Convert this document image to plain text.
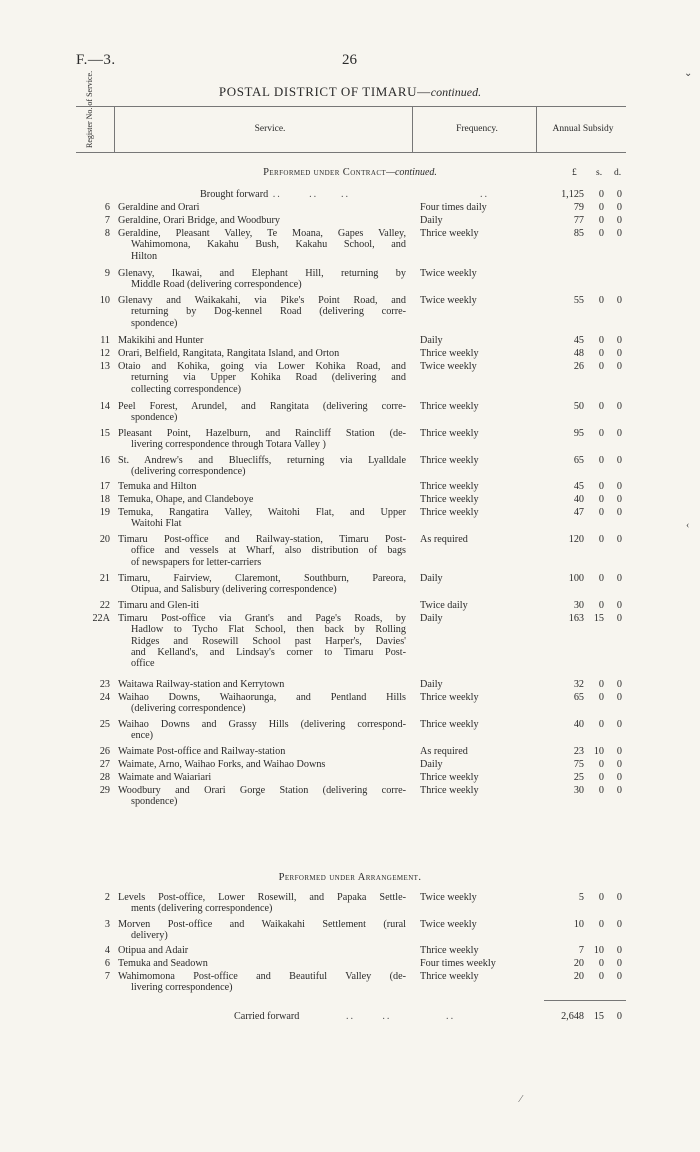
F.—3.	26
POSTAL DISTRICT OF TIMARU—continued.
Register No. of Service.	Service.	Frequency.	Annual Subsidy
Performed under Contract—continued.	£ s. d.
Brought forward ..      ..     ..	..	1,125	0	0
6 Geraldine and Orari	Four times daily	79	0	0
7 Geraldine, Orari Bridge, and Woodbury	Daily	77	0	0
8 Geraldine, Pleasant Valley, Te Moana, Gapes Valley,
Wahimomona, Kakahu Bush, Kakahu School, and
Hilton
Thrice weekly	85	0	0
9 Glenavy, Ikawai, and Elephant Hill, returning by
Middle Road (delivering correspondence)
Twice weekly
10 Glenavy and Waikakahi, via Pike's Point Road, and
returning by Dog-kennel Road (delivering corre-
spondence)
Twice weekly	55	0	0
11 Makikihi and Hunter	Daily	45	0	0
12 Orari, Belfield, Rangitata, Rangitata Island, and Orton	Thrice weekly	48	0	0
13 Otaio and Kohika, going via Lower Kohika Road, and
returning via Upper Kohika Road (delivering and
collecting correspondence)
Twice weekly	26	0	0
14 Peel Forest, Arundel, and Rangitata (delivering corre-
spondence)
Thrice weekly	50	0	0
15 Pleasant Point, Hazelburn, and Raincliff Station (de-
livering correspondence through Totara Valley )
Thrice weekly	95	0	0
16 St. Andrew's and Bluecliffs, returning via Lyalldale
(delivering correspondence)
Thrice weekly	65	0	0
17 Temuka and Hilton	Thrice weekly	45	0	0
18 Temuka, Ohape, and Clandeboye	Thrice weekly	40	0	0
19 Temuka, Rangatira Valley, Waitohi Flat, and Upper
Waitohi Flat
Thrice weekly	47	0	0
20 Timaru Post-office and Railway-station, Timaru Post-
office and vessels at Wharf, also distribution of bags
of newspapers for letter-carriers
As required	120	0	0
21 Timaru, Fairview, Claremont, Southburn, Pareora,
Otipua, and Salisbury (delivering correspondence)
Daily	100	0	0
22 Timaru and Glen-iti	Twice daily	30	0	0
22A Timaru Post-office via Grant's and Page's Roads, by
Hadlow to Tycho Flat School, then back by Rolling
Ridges and Rosewill School past Harper's, Davies'
and Kelland's, and Lindsay's corner to Timaru Post-
office
Daily	163 15	0
23 Waitawa Railway-station and Kerrytown	Daily	32	0	0
24 Waihao Downs, Waihaorunga, and Pentland Hills
(delivering correspondence)
Thrice weekly	65	0	0
25 Waihao Downs and Grassy Hills (delivering correspond-
ence)
Thrice weekly	40	0	0
26 Waimate Post-office and Railway-station	As required	23 10	0
27 Waimate, Arno, Waihao Forks, and Waihao Downs	Daily	75	0	0
28 Waimate and Waiariari	Thrice weekly	25	0	0
29 Woodbury and Orari Gorge Station (delivering corre-
spondence)
Thrice weekly	30	0	0
Performed under Arrangement.
2 Levels Post-office, Lower Rosewill, and Papaka Settle-
ments (delivering correspondence)
Twice weekly	5	0	0
3 Morven Post-office and Waikakahi Settlement (rural
delivery)
Twice weekly	10	0	0
4 Otipua and Adair	Thrice weekly	7 10	0
6 Temuka and Seadown	Four times weekly	20	0	0
7 Wahimomona Post-office and Beautiful Valley (de-
livering correspondence)
Thrice weekly	20	0	0
Carried forward	..      ..            ..	2,648 15	0
⌄
‹
⁄
